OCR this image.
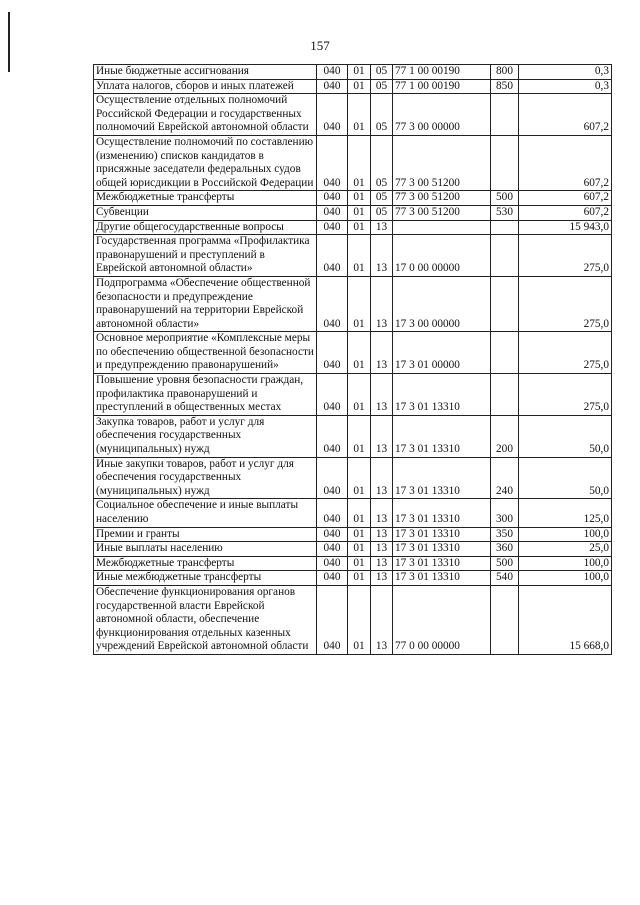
157
Иные бюджетные ассигнования	040	01	05	77 1 00 00190	800	0,3
Уплата налогов, сборов и иных платежей	040	01	05	77 1 00 00190	850	0,3
Осуществление отдельных полномочий Российской Федерации и государственных полномочий Еврейской автономной области	040	01	05	77 3 00 00000		607,2
Осуществление полномочий по составлению (изменению) списков кандидатов в присяжные заседатели федеральных судов общей юрисдикции в Российской Федерации	040	01	05	77 3 00 51200		607,2
Межбюджетные трансферты	040	01	05	77 3 00 51200	500	607,2
Субвенции	040	01	05	77 3 00 51200	530	607,2
Другие общегосударственные вопросы	040	01	13			15 943,0
Государственная программа «Профилактика правонарушений и преступлений в Еврейской автономной области»	040	01	13	17 0 00 00000		275,0
Подпрограмма «Обеспечение общественной безопасности и предупреждение правонарушений на территории Еврейской автономной области»	040	01	13	17 3 00 00000		275,0
Основное мероприятие «Комплексные меры по обеспечению общественной безопасности и предупреждению правонарушений»	040	01	13	17 3 01 00000		275,0
Повышение уровня безопасности граждан, профилактика правонарушений и преступлений в общественных местах	040	01	13	17 3 01 13310		275,0
Закупка товаров, работ и услуг для обеспечения государственных (муниципальных) нужд	040	01	13	17 3 01 13310	200	50,0
Иные закупки товаров, работ и услуг для обеспечения государственных (муниципальных) нужд	040	01	13	17 3 01 13310	240	50,0
Социальное обеспечение и иные выплаты населению	040	01	13	17 3 01 13310	300	125,0
Премии и гранты	040	01	13	17 3 01 13310	350	100,0
Иные выплаты населению	040	01	13	17 3 01 13310	360	25,0
Межбюджетные трансферты	040	01	13	17 3 01 13310	500	100,0
Иные межбюджетные трансферты	040	01	13	17 3 01 13310	540	100,0
Обеспечение функционирования органов государственной власти Еврейской автономной области, обеспечение функционирования отдельных казенных учреждений Еврейской автономной области	040	01	13	77 0 00 00000		15 668,0
